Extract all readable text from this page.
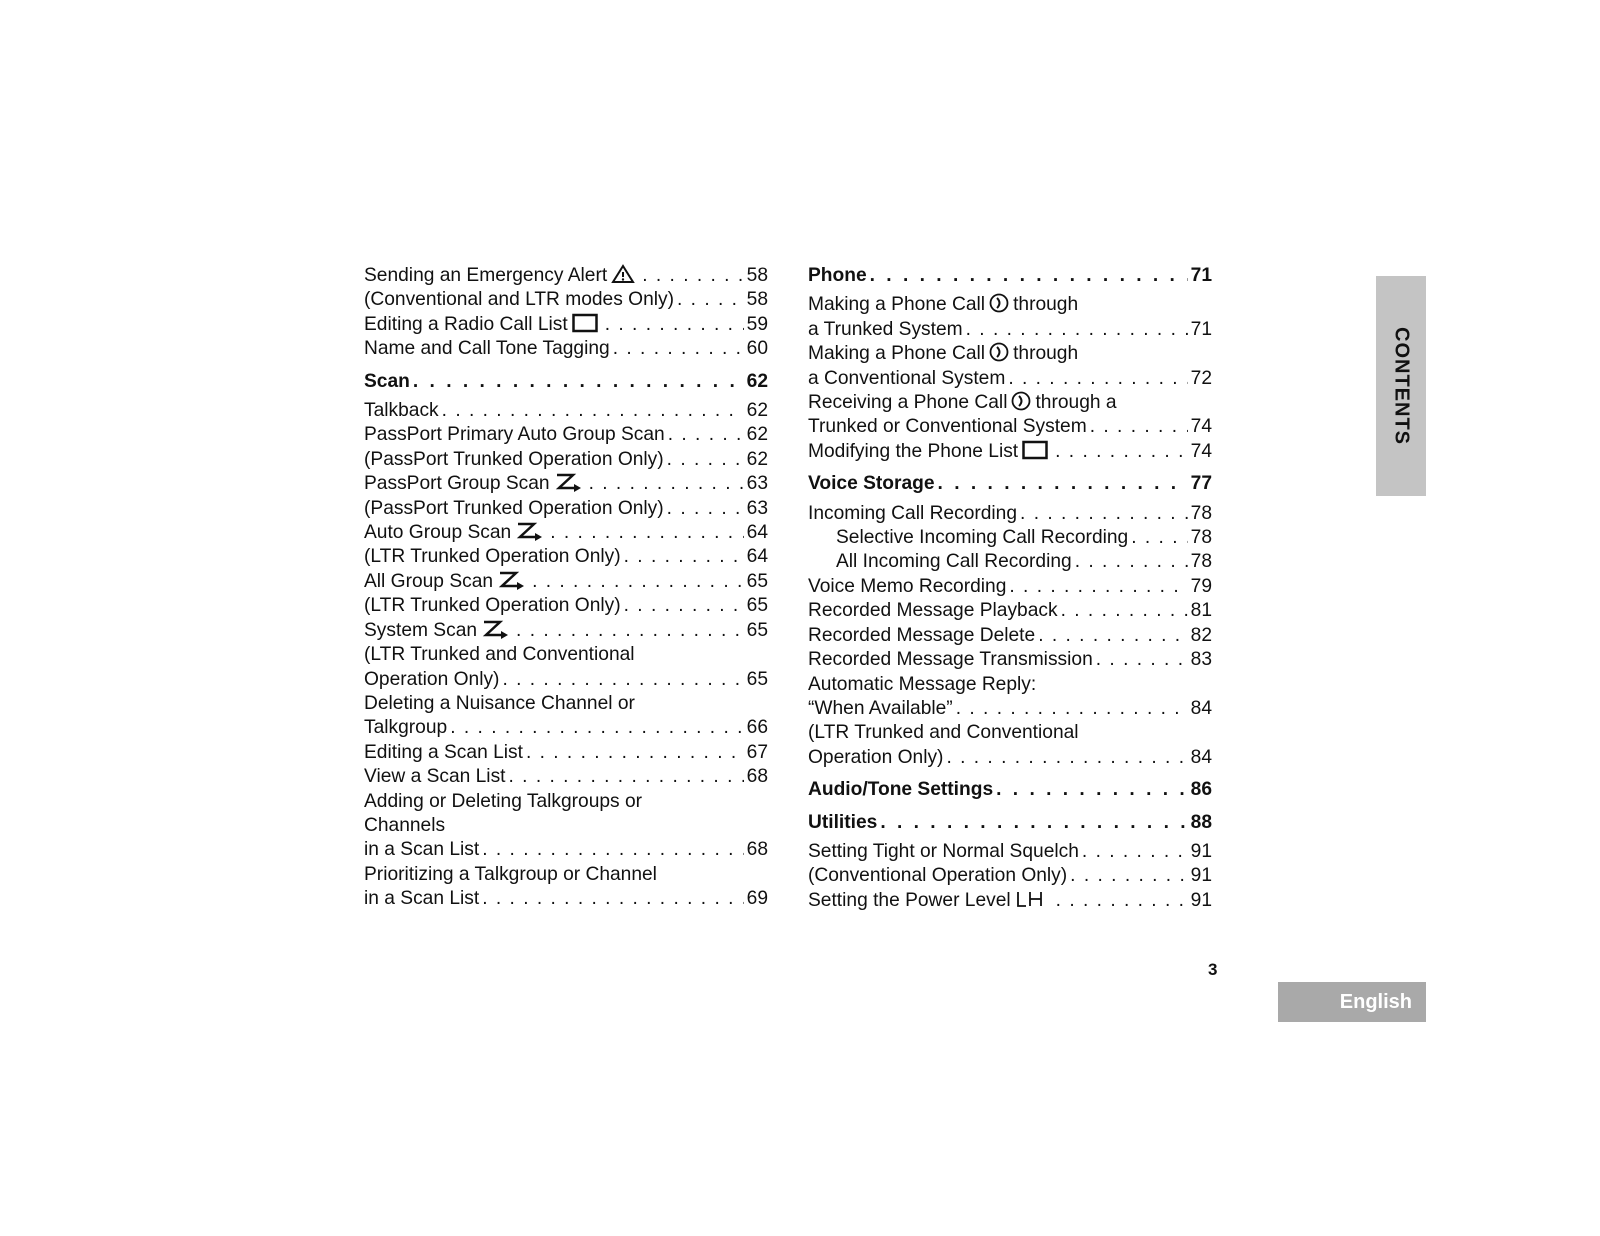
Sending an Emergency Alert . . .	58
(Conventional and LTR modes Only) . . .	58
Editing a Radio Call List . . .	59
Name and Call Tone Tagging . . .	60
Scan . . .	62
Talkback . . .	62
PassPort Primary Auto Group Scan . . .	62
(PassPort Trunked Operation Only) . . .	62
PassPort Group Scan . . .	63
(PassPort Trunked Operation Only) . . .	63
Auto Group Scan . . .	64
(LTR Trunked Operation Only) . . .	64
All Group Scan . . .	65
(LTR Trunked Operation Only) . . .	65
System Scan . . .	65
(LTR Trunked and Conventional
Operation Only) . . .	65
Deleting a Nuisance Channel or
Talkgroup . . .	66
Editing a Scan List . . .	67
View a Scan List . . .	68
Adding or Deleting Talkgroups or
Channels
in a Scan List . . .	68
Prioritizing a Talkgroup or Channel
in a Scan List . . .	69
Phone . . .	71
Making a Phone Call through
a Trunked System . . .	71
Making a Phone Call through
a Conventional System . . .	72
Receiving a Phone Call through a
Trunked or Conventional System . . .	74
Modifying the Phone List . . .	74
Voice Storage . . .	77
Incoming Call Recording . . .	78
Selective Incoming Call Recording . . .	78
All Incoming Call Recording . . .	78
Voice Memo Recording . . .	79
Recorded Message Playback . . .	81
Recorded Message Delete . . .	82
Recorded Message Transmission . . .	83
Automatic Message Reply:
“When Available” . . .	84
(LTR Trunked and Conventional
Operation Only) . . .	84
Audio/Tone Settings . . .	86
Utilities . . .	88
Setting Tight or Normal Squelch . . .	91
(Conventional Operation Only) . . .	91
Setting the Power Level . . .	91
CONTENTS
3
English
